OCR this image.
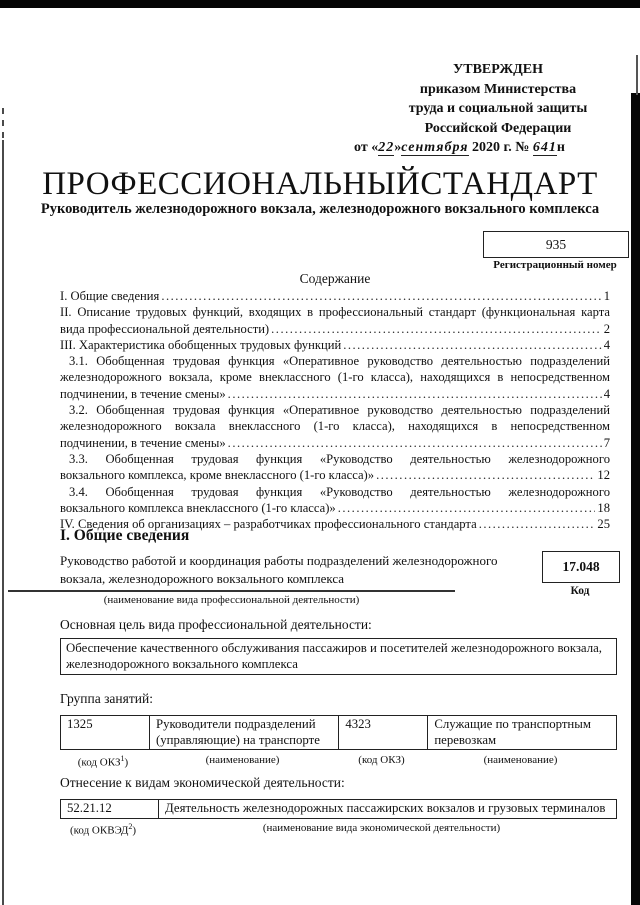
УТВЕРЖДЕН
приказом Министерства
труда и социальной защиты
Российской Федерации
от «22»сентября 2020 г. № 641н
ПРОФЕССИОНАЛЬНЫЙСТАНДАРТ
Руководитель железнодорожного вокзала, железнодорожного вокзального комплекса
935
Регистрационный номер
Содержание
I. Общие сведения .....	1
II. Описание трудовых функций, входящих в профессиональный стандарт (функциональная карта
вида профессиональной деятельности) .....	2
III. Характеристика обобщенных трудовых функций .....	4
3.1. Обобщенная трудовая функция «Оперативное руководство деятельностью подразделений
железнодорожного вокзала, кроме внеклассного (1-го класса), находящихся в непосредственном
подчинении, в течение смены» .....	4
3.2. Обобщенная трудовая функция «Оперативное руководство деятельностью подразделений
железнодорожного вокзала внеклассного (1-го класса), находящихся в непосредственном
подчинении, в течение смены» .....	7
3.3. Обобщенная трудовая функция «Руководство деятельностью железнодорожного
вокзального комплекса, кроме внеклассного (1-го класса)» .....	12
3.4. Обобщенная трудовая функция «Руководство деятельностью железнодорожного
вокзального комплекса внеклассного (1-го класса)» .....	18
IV. Сведения об организациях – разработчиках профессионального стандарта .....	25
I. Общие сведения
Руководство работой и координация работы подразделений железнодорожного
вокзала, железнодорожного вокзального комплекса
(наименование вида профессиональной деятельности)
17.048
Код
Основная цель вида профессиональной деятельности:
Обеспечение качественного обслуживания пассажиров и посетителей железнодорожного вокзала,
железнодорожного вокзального комплекса
Группа занятий:
1325	Руководители подразделений (управляющие) на транспорте	4323	Служащие по транспортным перевозкам
(код ОКЗ$^1$)	(наименование)	(код ОКЗ)	(наименование)
Отнесение к видам экономической деятельности:
52.21.12	Деятельность железнодорожных пассажирских вокзалов и грузовых терминалов
(код ОКВЭД$^2$)	(наименование вида экономической деятельности)
